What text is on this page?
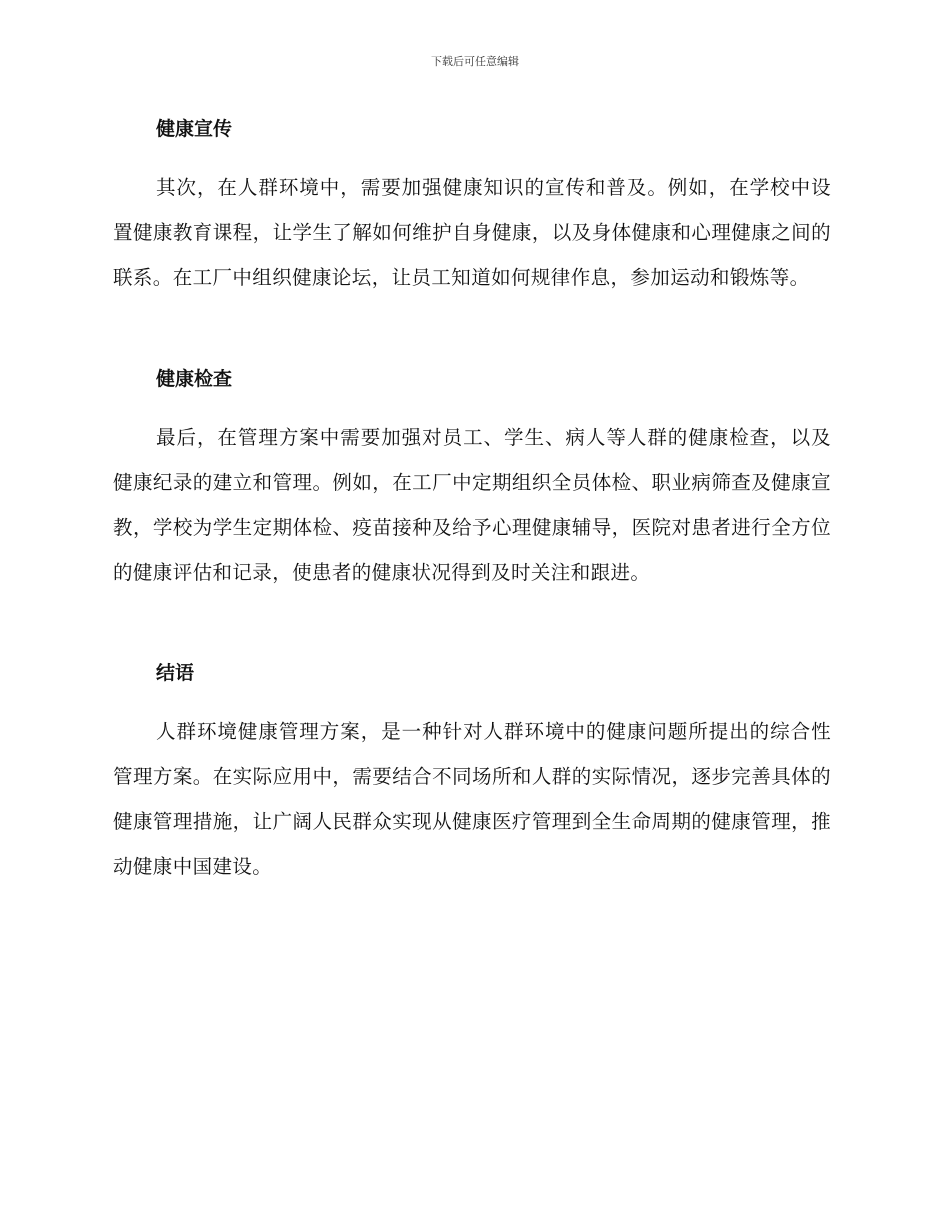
下载后可任意编辑
健康宣传

其次，在人群环境中，需要加强健康知识的宣传和普及。例如，在学校中设置健康教育课程，让学生了解如何维护自身健康，以及身体健康和心理健康之间的联系。在工厂中组织健康论坛，让员工知道如何规律作息，参加运动和锻炼等。

健康检查

最后，在管理方案中需要加强对员工、学生、病人等人群的健康检查，以及健康纪录的建立和管理。例如，在工厂中定期组织全员体检、职业病筛查及健康宣教，学校为学生定期体检、疫苗接种及给予心理健康辅导，医院对患者进行全方位的健康评估和记录，使患者的健康状况得到及时关注和跟进。

结语

人群环境健康管理方案，是一种针对人群环境中的健康问题所提出的综合性管理方案。在实际应用中，需要结合不同场所和人群的实际情况，逐步完善具体的健康管理措施，让广阔人民群众实现从健康医疗管理到全生命周期的健康管理，推动健康中国建设。
